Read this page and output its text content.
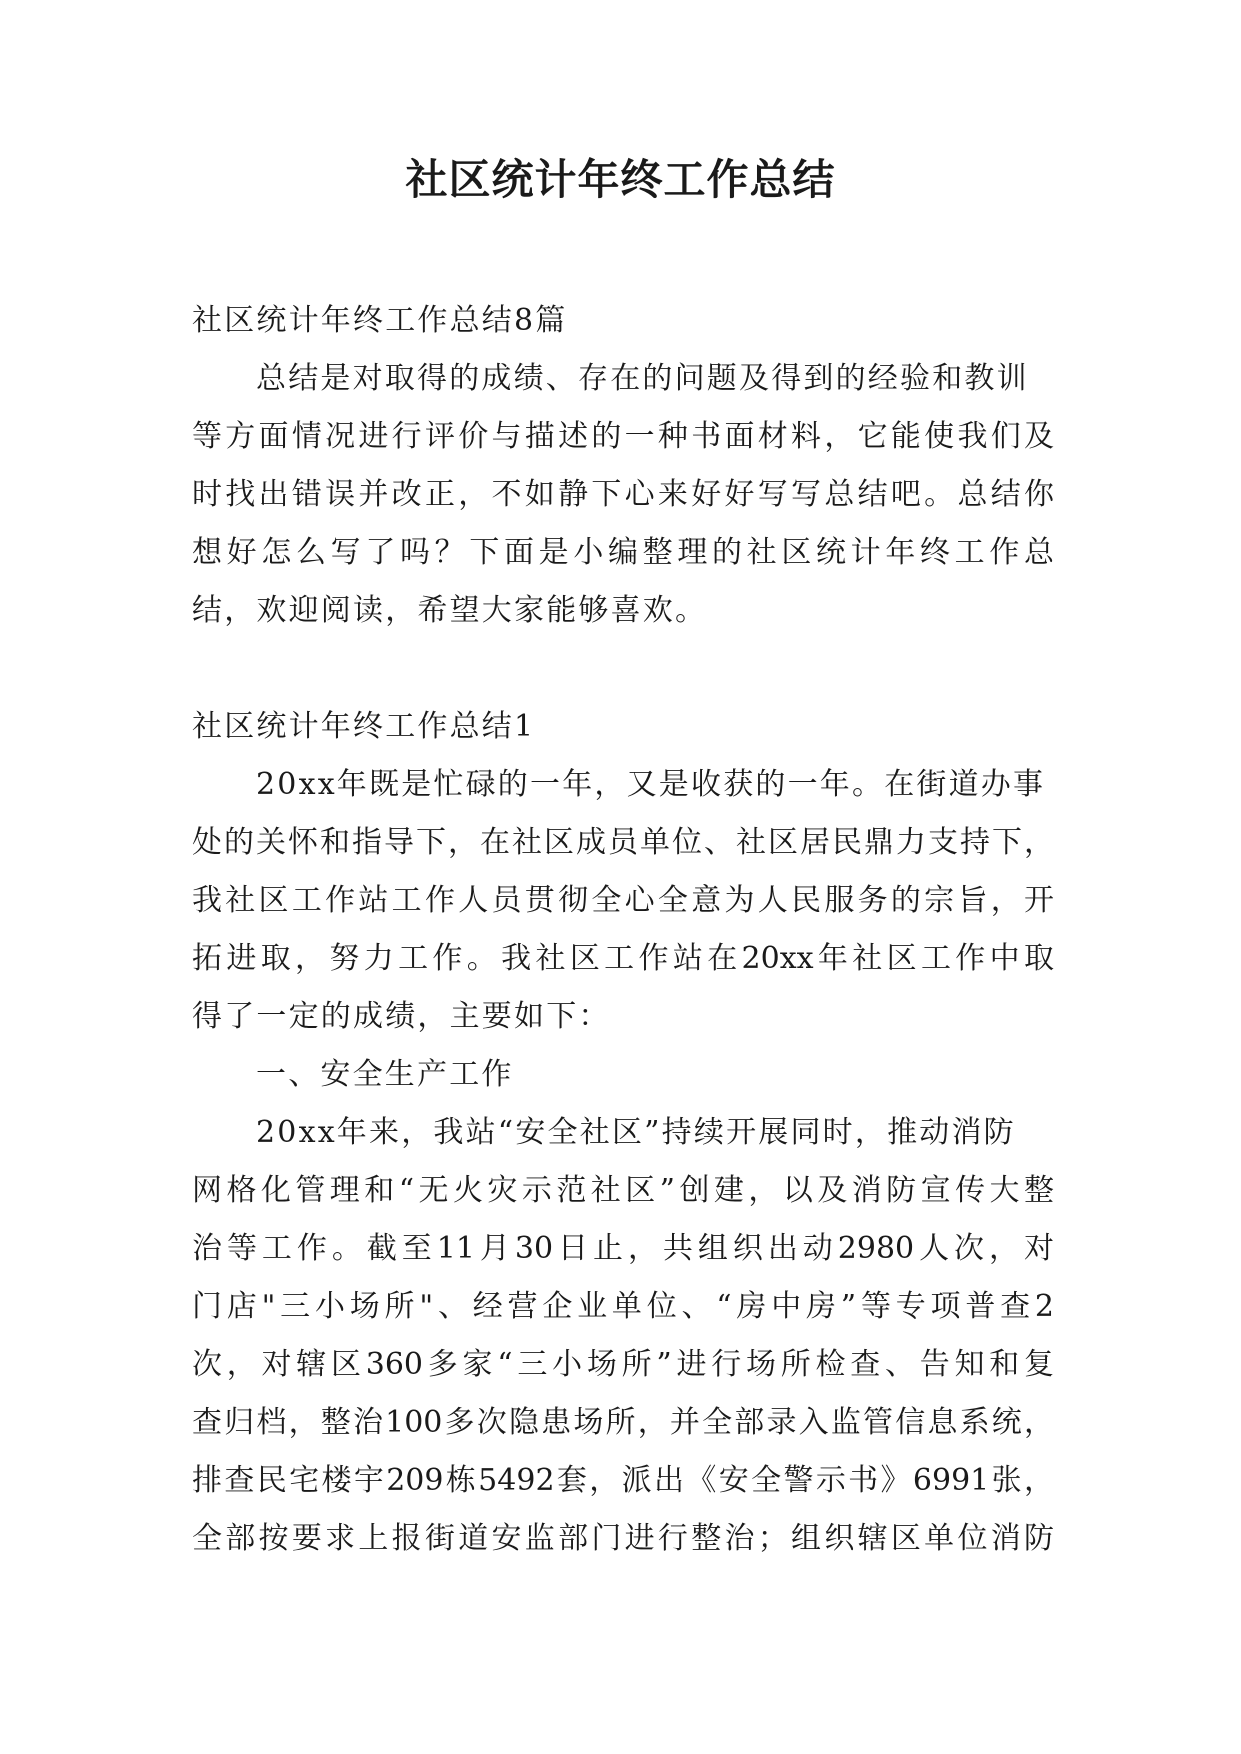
社区统计年终工作总结
社区统计年终工作总结8篇
总结是对取得的成绩、存在的问题及得到的经验和教训
等方面情况进行评价与描述的一种书面材料，它能使我们及
时找出错误并改正，不如静下心来好好写写总结吧。总结你
想好怎么写了吗？下面是小编整理的社区统计年终工作总
结，欢迎阅读，希望大家能够喜欢。
社区统计年终工作总结1
20xx年既是忙碌的一年，又是收获的一年。在街道办事
处的关怀和指导下，在社区成员单位、社区居民鼎力支持下，
我社区工作站工作人员贯彻全心全意为人民服务的宗旨，开
拓进取，努力工作。我社区工作站在20xx年社区工作中取
得了一定的成绩，主要如下：
一、安全生产工作
20xx年来，我站“安全社区”持续开展同时，推动消防
网格化管理和“无火灾示范社区”创建，以及消防宣传大整
治等工作。截至11月30日止，共组织出动2980人次，对
门店"三小场所"、经营企业单位、“房中房”等专项普查2
次，对辖区360多家“三小场所”进行场所检查、告知和复
查归档，整治100多次隐患场所，并全部录入监管信息系统，
排查民宅楼宇209栋5492套，派出《安全警示书》6991张，
全部按要求上报街道安监部门进行整治；组织辖区单位消防
